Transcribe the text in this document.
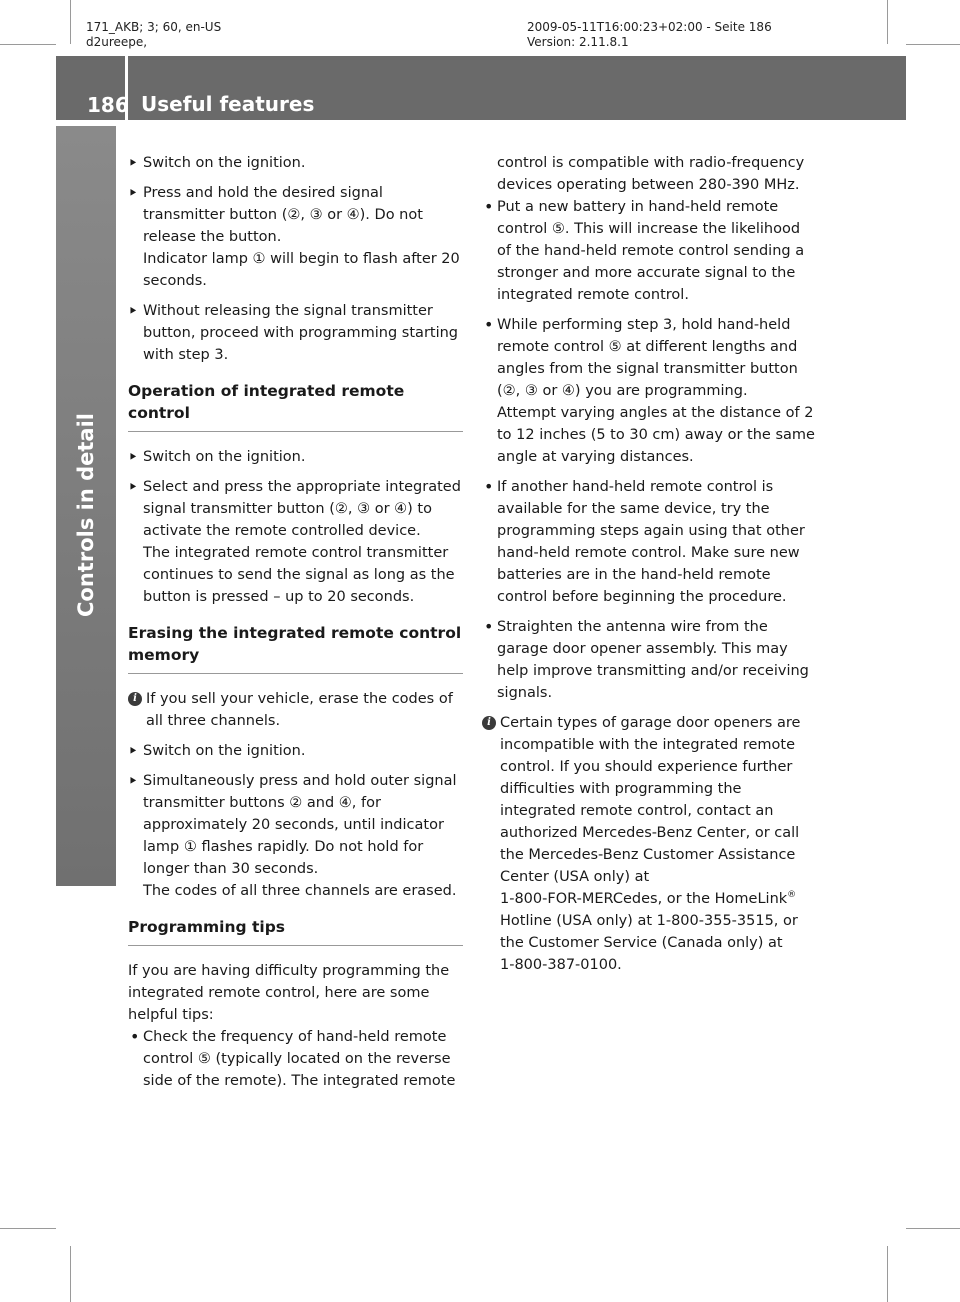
171_AKB; 3; 60, en-US
d2ureepe,
2009-05-11T16:00:23+02:00 - Seite 186
Version: 2.11.8.1
186 Useful features
Controls in detail
⯈ Switch on the ignition.

⯈ Press and hold the desired signal transmitter button (②, ③ or ④). Do not release the button.
Indicator lamp ① will begin to flash after 20 seconds.

⯈ Without releasing the signal transmitter button, proceed with programming starting with step 3.

Operation of integrated remote control
⯈ Switch on the ignition.

⯈ Select and press the appropriate integrated signal transmitter button (②, ③ or ④) to activate the remote controlled device.
The integrated remote control transmitter continues to send the signal as long as the button is pressed – up to 20 seconds.

Erasing the integrated remote control memory
i If you sell your vehicle, erase the codes of all three channels.

⯈ Switch on the ignition.

⯈ Simultaneously press and hold outer signal transmitter buttons ② and ④, for approximately 20 seconds, until indicator lamp ① flashes rapidly. Do not hold for longer than 30 seconds.
The codes of all three channels are erased.

Programming tips

If you are having difficulty programming the integrated remote control, here are some helpful tips:

• Check the frequency of hand-held remote control ⑤ (typically located on the reverse side of the remote). The integrated remote

control is compatible with radio-frequency devices operating between 280-390 MHz.

• Put a new battery in hand-held remote control ⑤. This will increase the likelihood of the hand-held remote control sending a stronger and more accurate signal to the integrated remote control.

• While performing step 3, hold hand-held remote control ⑤ at different lengths and angles from the signal transmitter button (②, ③ or ④) you are programming.
Attempt varying angles at the distance of 2 to 12 inches (5 to 30 cm) away or the same angle at varying distances.

• If another hand-held remote control is available for the same device, try the programming steps again using that other hand-held remote control. Make sure new batteries are in the hand-held remote control before beginning the procedure.

• Straighten the antenna wire from the garage door opener assembly. This may help improve transmitting and/or receiving signals.

i Certain types of garage door openers are incompatible with the integrated remote control. If you should experience further difficulties with programming the integrated remote control, contact an authorized Mercedes-Benz Center, or call the Mercedes-Benz Customer Assistance Center (USA only) at
1-800-FOR-MERCedes, or the HomeLink®
Hotline (USA only) at 1-800-355-3515, or the Customer Service (Canada only) at
1-800-387-0100.
